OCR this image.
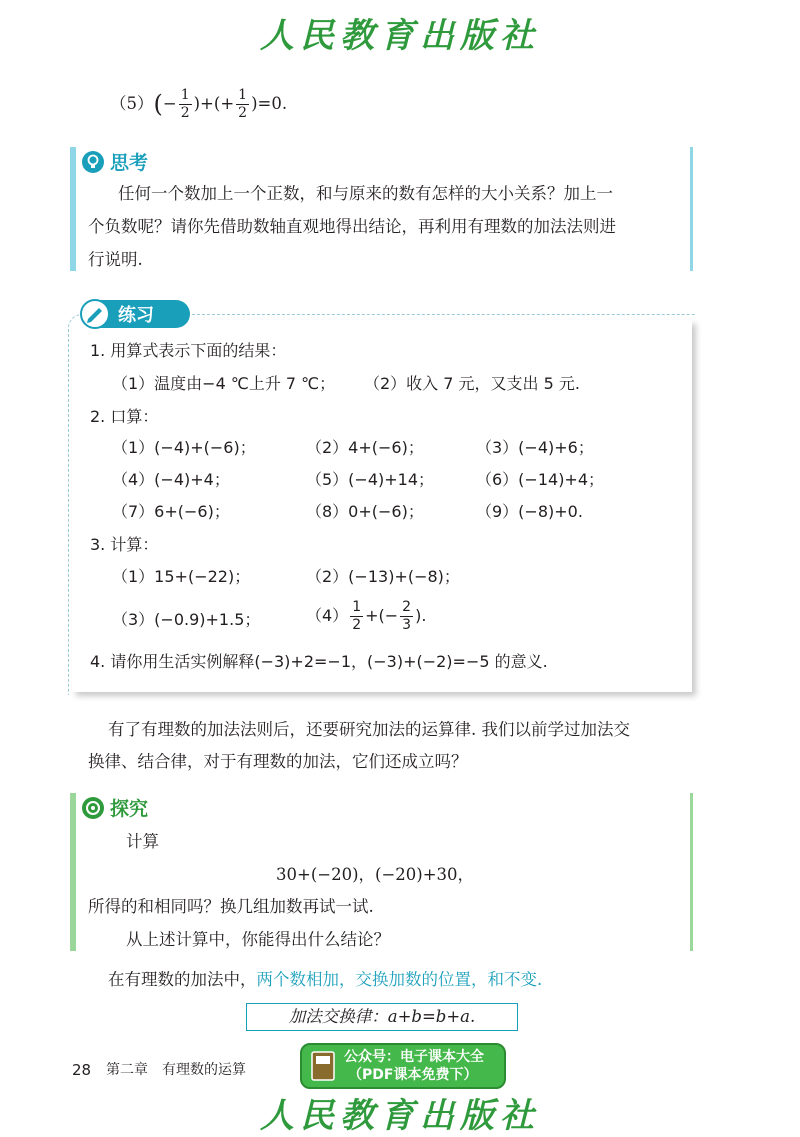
人民教育出版社
（5） ( − $\frac{1}{2}$ )+(+ $\frac{1}{2} )=0$.
思考
任何一个数加上一个正数，和与原来的数有怎样的大小关系？加上一
个负数呢？请你先借助数轴直观地得出结论，再利用有理数的加法法则进
行说明.
练习
1. 用算式表示下面的结果：
（1）温度由−4 ℃上升 7 ℃； （2）收入 7 元，又支出 5 元.
2. 口算：
（1）(−4)+(−6)；	（2）4+(−6)；	（3）(−4)+6；
（4）(−4)+4；	（5）(−4)+14；	（6）(−14)+4；
（7）6+(−6)；	（8）0+(−6)；	（9）(−8)+0.
3. 计算：
（1）15+(−22)；	（2）(−13)+(−8)；
（3）(−0.9)+1.5；	$(4) \frac{1}{2}$ +(− $\frac{2}{3}$ ).
4. 请你用生活实例解释(−3)+2=−1，(−3)+(−2)=−5 的意义.
有了有理数的加法法则后，还要研究加法的运算律. 我们以前学过加法交
换律、结合律，对于有理数的加法，它们还成立吗？
探究
计算
30+(−20)，(−20)+30，
所得的和相同吗？换几组加数再试一试.
从上述计算中，你能得出什么结论？
在有理数的加法中，两个数相加，交换加数的位置，和不变.
加法交换律：a+b=b+a.
28 第二章　有理数的运算
公众号：电子课本大全
（PDF课本免费下）
人民教育出版社
